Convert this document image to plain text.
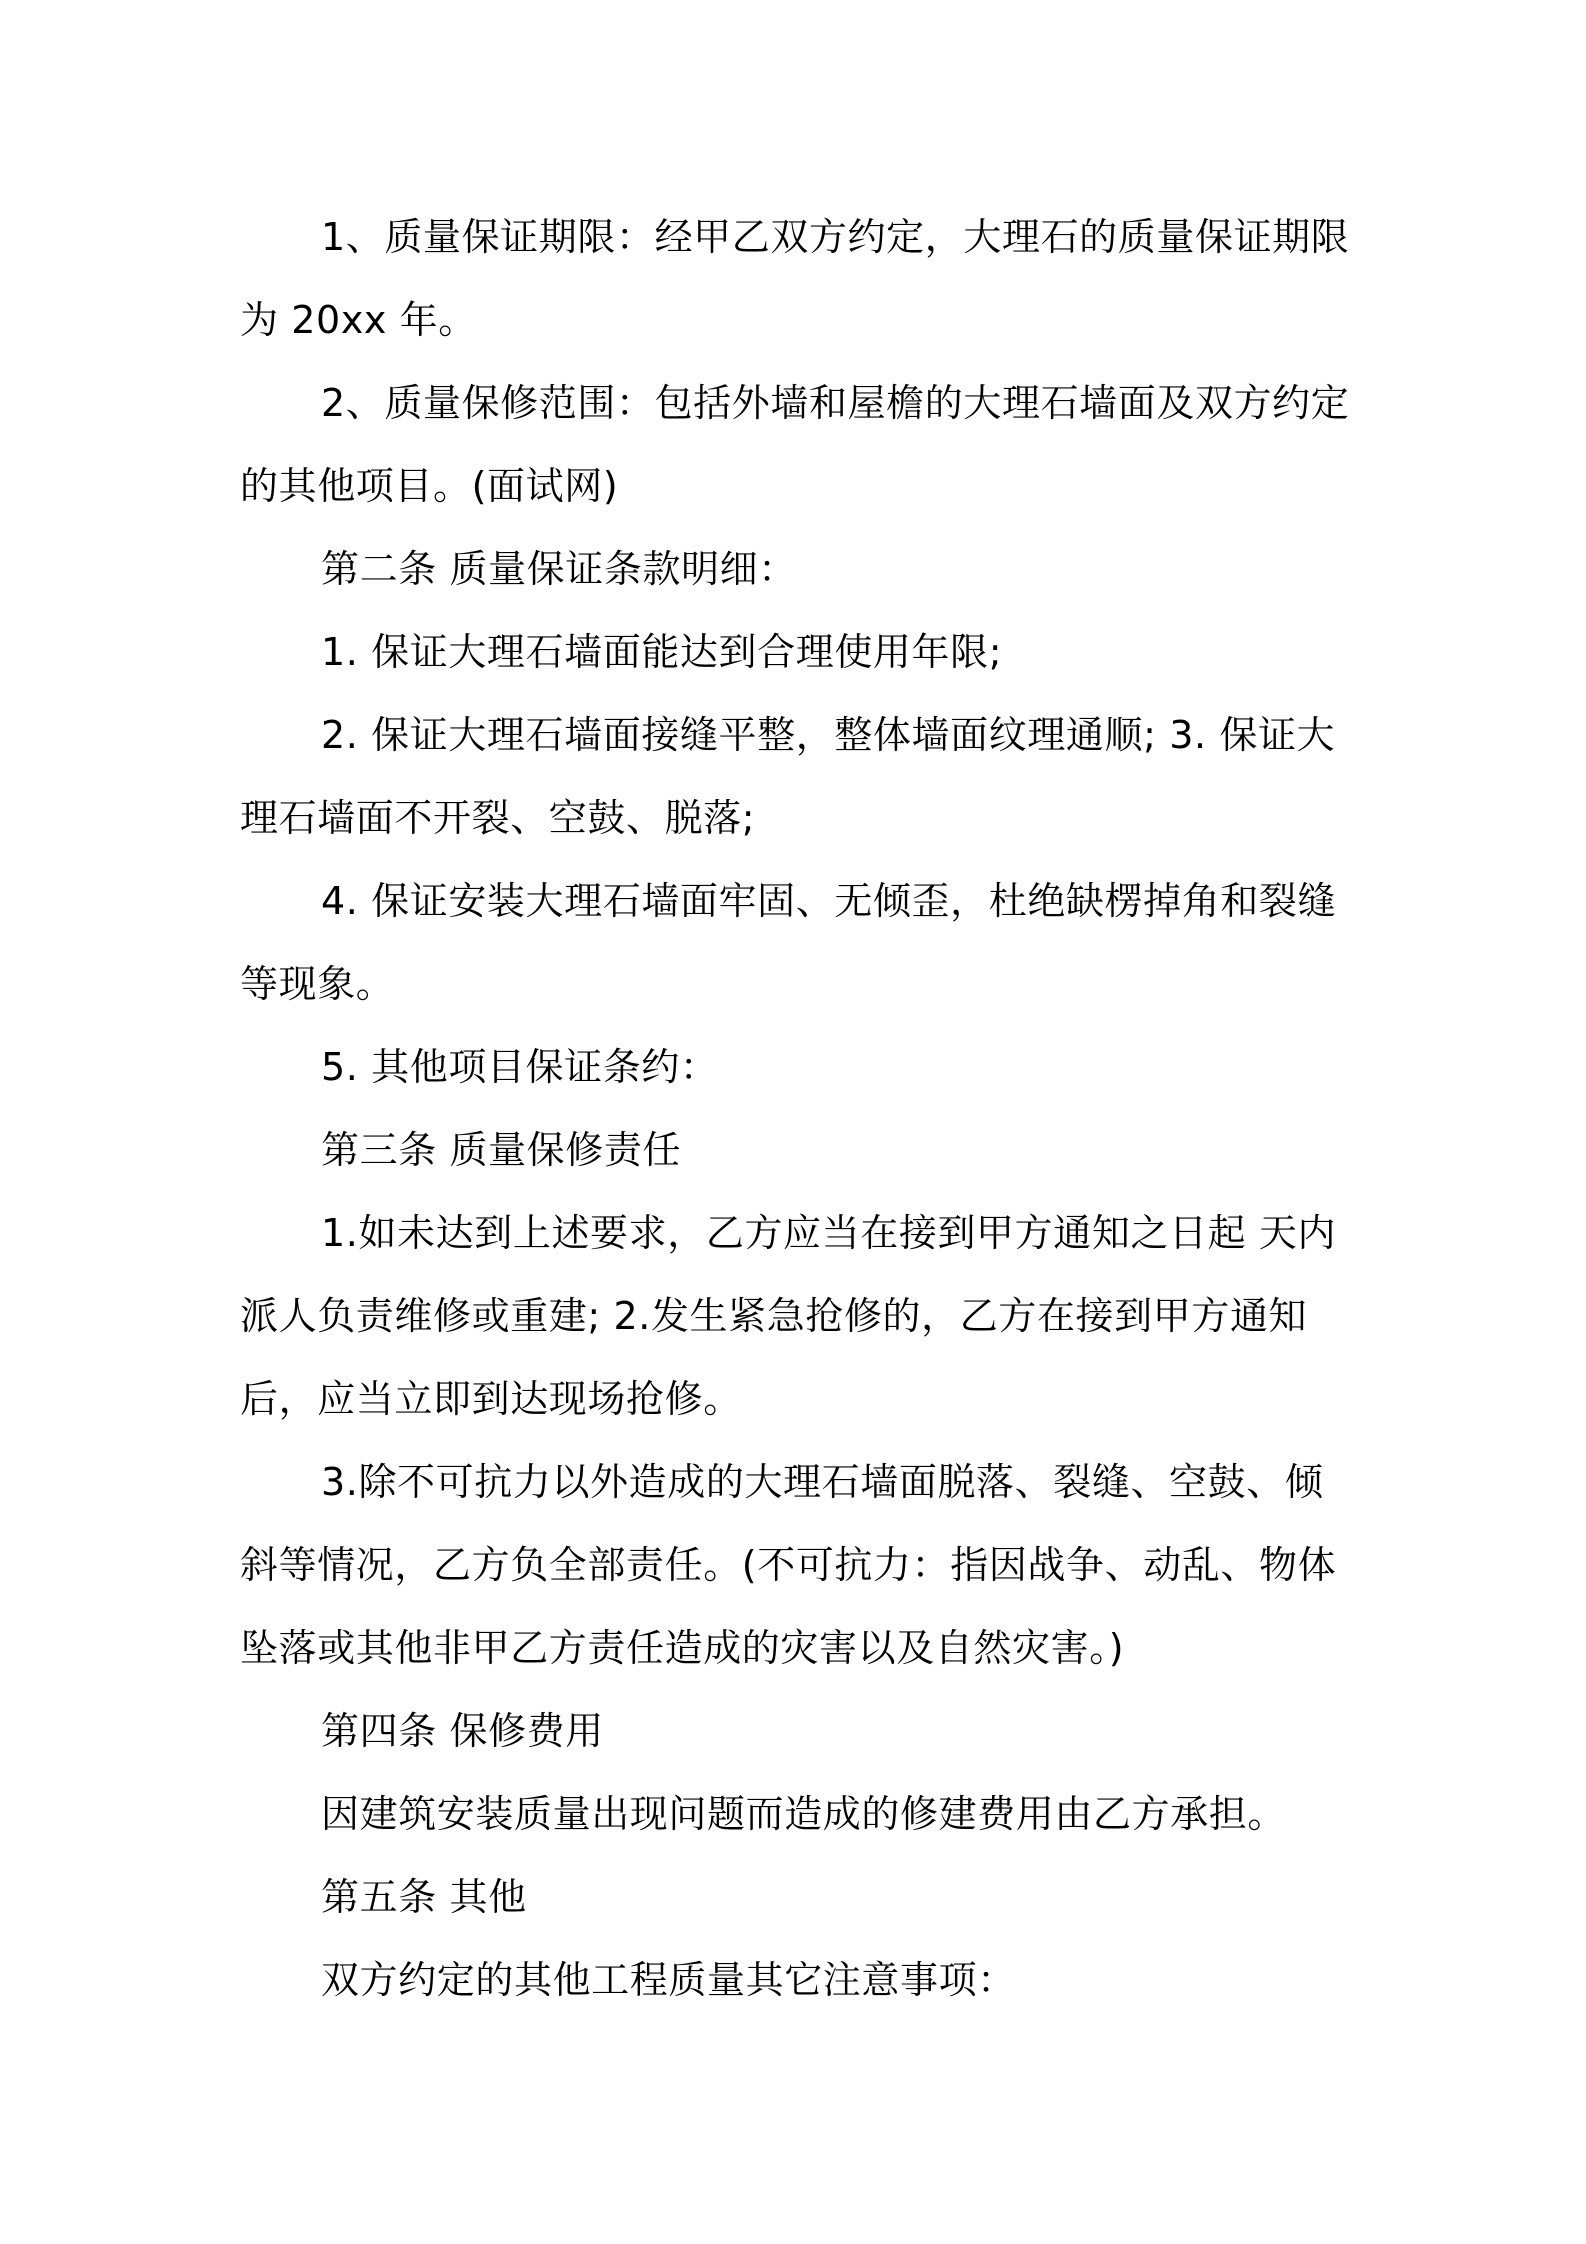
1、质量保证期限：经甲乙双方约定，大理石的质量保证期限为 20xx 年。

2、质量保修范围：包括外墙和屋檐的大理石墙面及双方约定的其他项目。(面试网)

第二条 质量保证条款明细：

1. 保证大理石墙面能达到合理使用年限;

2. 保证大理石墙面接缝平整，整体墙面纹理通顺; 3. 保证大理石墙面不开裂、空鼓、脱落;

4. 保证安装大理石墙面牢固、无倾歪，杜绝缺楞掉角和裂缝等现象。

5. 其他项目保证条约：

第三条 质量保修责任

1.如未达到上述要求，乙方应当在接到甲方通知之日起 天内派人负责维修或重建; 2.发生紧急抢修的，乙方在接到甲方通知后，应当立即到达现场抢修。

3.除不可抗力以外造成的大理石墙面脱落、裂缝、空鼓、倾斜等情况，乙方负全部责任。(不可抗力：指因战争、动乱、物体坠落或其他非甲乙方责任造成的灾害以及自然灾害。)

第四条 保修费用

因建筑安装质量出现问题而造成的修建费用由乙方承担。

第五条 其他

双方约定的其他工程质量其它注意事项：
